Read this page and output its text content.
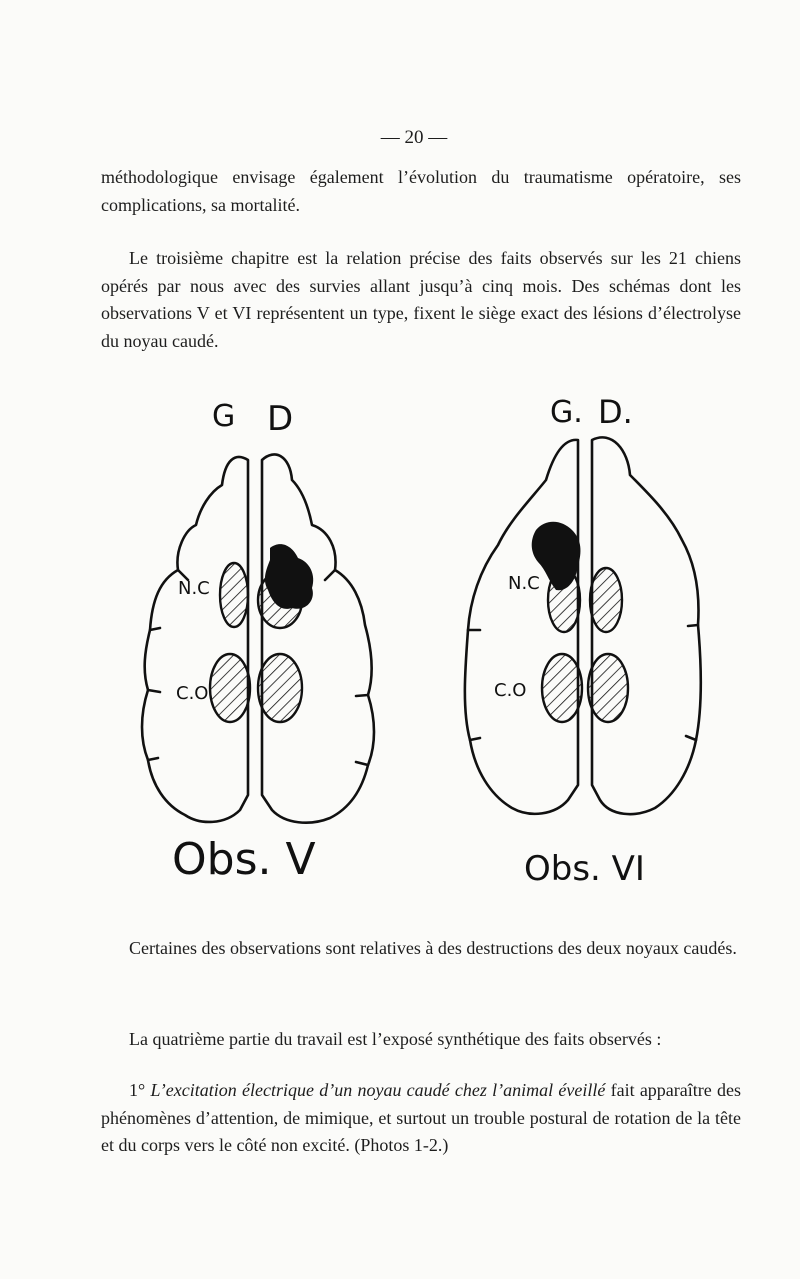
— 20 —

méthodologique envisage également l’évolution du traumatisme opératoire, ses complications, sa mortalité.

Le troisième chapitre est la relation précise des faits observés sur les 21 chiens opérés par nous avec des survies allant jusqu’à cinq mois. Des schémas dont les observations V et VI représentent un type, fixent le siège exact des lésions d’électrolyse du noyau caudé.

G D
N.C
C.O
Obs. V
G. D.
N.C
C.O
Obs. VI

Certaines des observations sont relatives à des destructions des deux noyaux caudés.

La quatrième partie du travail est l’exposé synthétique des faits observés :

1° L’excitation électrique d’un noyau caudé chez l’animal éveillé fait apparaître des phénomènes d’attention, de mimique, et surtout un trouble postural de rotation de la tête et du corps vers le côté non excité. (Photos 1-2.)
